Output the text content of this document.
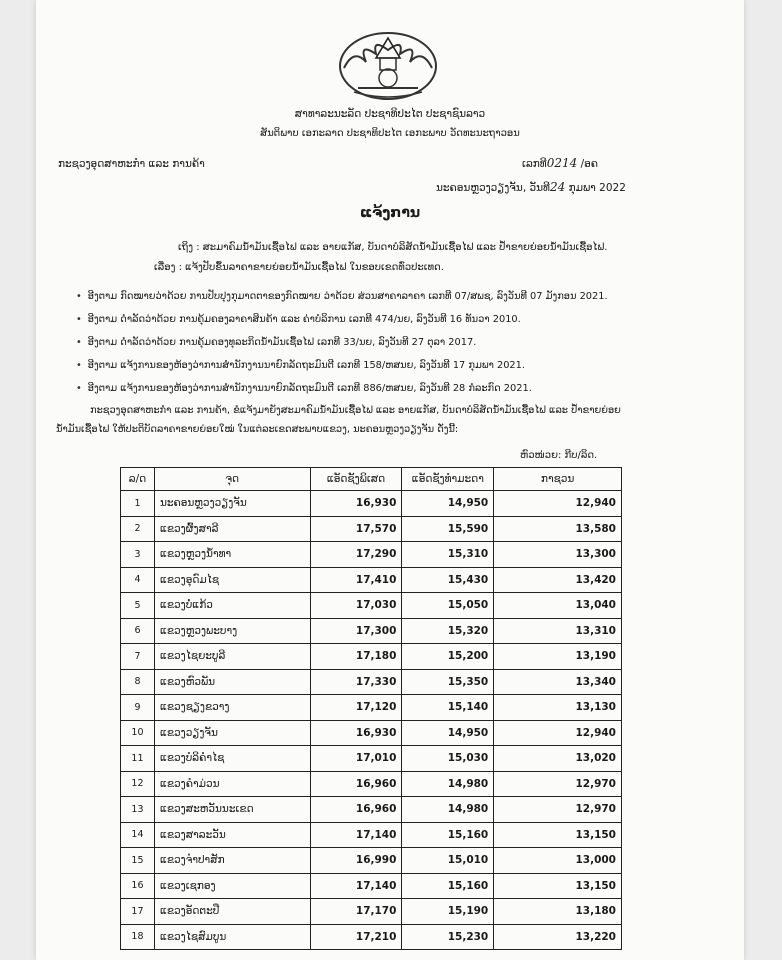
ສາທາລະນະລັດ ປະຊາທິປະໄຕ ປະຊາຊົນລາວ
ສັນຕິພາບ ເອກະລາດ ປະຊາທິປະໄຕ ເອກະພາບ ວັດທະນະຖາວອນ
ກະຊວງອຸດສາຫະກຳ ແລະ ການຄ້າ	ເລກທີ0214 /ອຄ
ນະຄອນຫຼວງວຽງຈັນ, ວັນທີ24 ກຸມພາ 2022
ແຈ້ງການ
ເຖິງ : ສະມາຄົມນ້ຳມັນເຊື້ອໄຟ ແລະ ອາຍແກັສ, ບັນດາບໍລິສັດນ້ຳມັນເຊື້ອໄຟ ແລະ ປ້ຳຂາຍຍ່ອຍນ້ຳມັນເຊື້ອໄຟ.
ເລື່ອງ : ແຈ້ງປັບຂຶ້ນລາຄາຂາຍຍ່ອຍນ້ຳມັນເຊື້ອໄຟ ໃນຂອບເຂດທົ່ວປະເທດ.
• ອີງຕາມ ກົດໝາຍວ່າດ້ວຍ ການປັບປຸງກຸມາດຕາຂອງກົດໝາຍ ວ່າດ້ວຍ ສ່ວນສາຄາລາຄາ ເລກທີ 07/ສພຊ, ລົງວັນທີ 07 ມັງກອນ 2021.
• ອີງຕາມ ດຳລັດວ່າດ້ວຍ ການຄຸ້ມຄອງລາຄາສິນຄ້າ ແລະ ຄ່າບໍລິການ ເລກທີ 474/ນຍ, ລົງວັນທີ 16 ທັນວາ 2010.
• ອີງຕາມ ດຳລັດວ່າດ້ວຍ ການຄຸ້ມຄອງທຸລະກິດນ້ຳມັນເຊື້ອໄຟ ເລກທີ 33/ນຍ, ລົງວັນທີ 27 ຕຸລາ 2017.
• ອີງຕາມ ແຈ້ງການຂອງຫ້ອງວ່າການສຳນັກງານນາຍົກລັດຖະມົນຕີ ເລກທີ 158/ຫສນຍ, ລົງວັນທີ 17 ກຸມພາ 2021.
• ອີງຕາມ ແຈ້ງການຂອງຫ້ອງວ່າການສຳນັກງານນາຍົກລັດຖະມົນຕີ ເລກທີ 886/ຫສນຍ, ລົງວັນທີ 28 ກໍລະກົດ 2021.
ກະຊວງອຸດສາຫະກຳ ແລະ ການຄ້າ, ຂໍແຈ້ງມາຍັງສະມາຄົມນ້ຳມັນເຊື້ອໄຟ ແລະ ອາຍແກັສ, ບັນດາບໍລິສັດນ້ຳມັນເຊື້ອໄຟ ແລະ ປ້ຳຂາຍຍ່ອຍ
ນ້ຳມັນເຊື້ອໄຟ ໃຫ້ປະຕິບັດລາຄາຂາຍຍ່ອຍໃໝ່ ໃນແຕ່ລະເຂດສະພາບແຂວງ, ນະຄອນຫຼວງວຽງຈັນ ດັ່ງນີ້:
ຫົວໜ່ວຍ: ກີບ/ລິດ.
ລ/ດ	ຈຸດ	ແອັດຊັງພິເສດ	ແອັດຊັງທຳມະດາ	ກາຊວນ
1	ນະຄອນຫຼວງວຽງຈັນ	16,930	14,950	12,940
2	ແຂວງຜົ້ງສາລີ	17,570	15,590	13,580
3	ແຂວງຫຼວງນ້ຳທາ	17,290	15,310	13,300
4	ແຂວງອຸດົມໄຊ	17,410	15,430	13,420
5	ແຂວງບໍ່ແກ້ວ	17,030	15,050	13,040
6	ແຂວງຫຼວງພະບາງ	17,300	15,320	13,310
7	ແຂວງໄຊຍະບູລີ	17,180	15,200	13,190
8	ແຂວງຫົວພັນ	17,330	15,350	13,340
9	ແຂວງຊຽງຂວາງ	17,120	15,140	13,130
10	ແຂວງວຽງຈັນ	16,930	14,950	12,940
11	ແຂວງບໍລິຄຳໄຊ	17,010	15,030	13,020
12	ແຂວງຄຳມ່ວນ	16,960	14,980	12,970
13	ແຂວງສະຫວັນນະເຂດ	16,960	14,980	12,970
14	ແຂວງສາລະວັນ	17,140	15,160	13,150
15	ແຂວງຈຳປາສັກ	16,990	15,010	13,000
16	ແຂວງເຊກອງ	17,140	15,160	13,150
17	ແຂວງອັດຕະປື	17,170	15,190	13,180
18	ແຂວງໄຊສົມບູນ	17,210	15,230	13,220
